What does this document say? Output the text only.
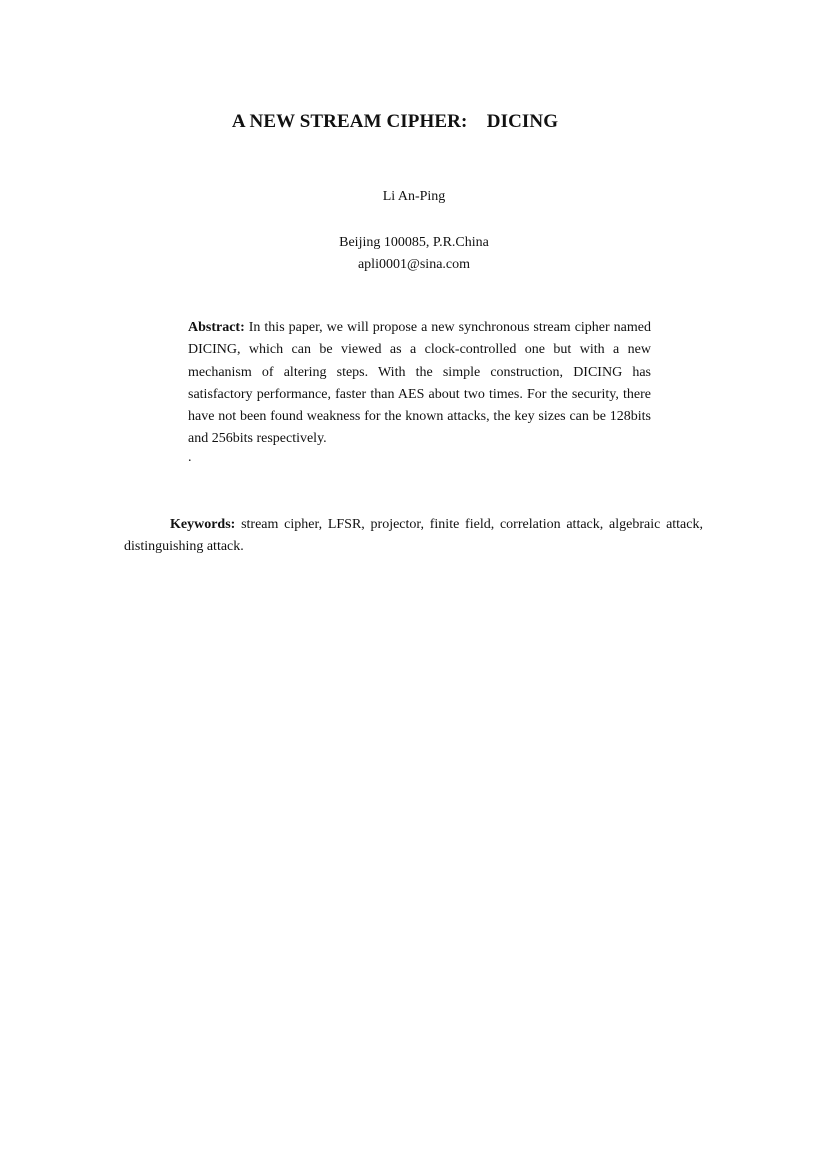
A NEW STREAM CIPHER:    DICING
Li An-Ping
Beijing 100085, P.R.China
apli0001@sina.com

Abstract: In this paper, we will propose a new synchronous stream cipher named DICING, which can be viewed as a clock-controlled one but with a new mechanism of altering steps. With the simple construction, DICING has satisfactory performance, faster than AES about two times. For the security, there have not been found weakness for the known attacks, the key sizes can be 128bits and 256bits respectively.

.

Keywords: stream cipher, LFSR, projector, finite field, correlation attack, algebraic attack, distinguishing attack.
